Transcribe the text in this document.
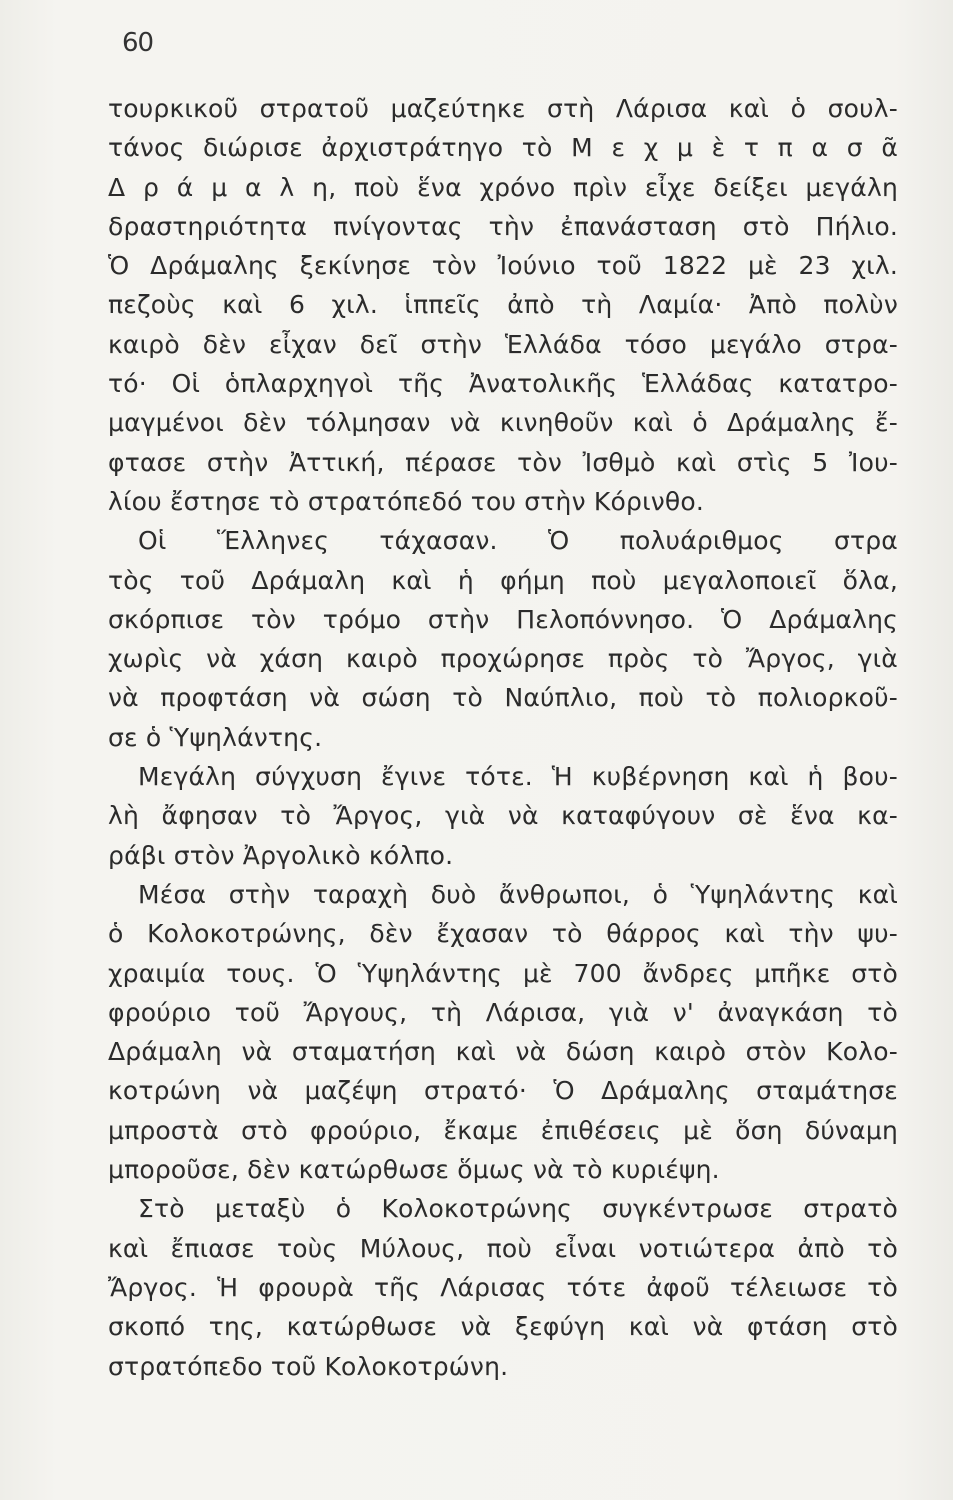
60
τουρκικοῦ στρατοῦ μαζεύτηκε στὴ Λάρισα καὶ ὁ σουλ-
τάνος διώρισε ἀρχιστράτηγο τὸ Μ ε χ μ ὲ τ π α σ ᾶ
Δ ρ ά μ α λ η, ποὺ ἕνα χρόνο πρὶν εἶχε δείξει μεγάλη
δραστηριότητα πνίγοντας τὴν ἐπανάσταση στὸ Πήλιο.
Ὁ Δράμαλης ξεκίνησε τὸν Ἰούνιο τοῦ 1822 μὲ 23 χιλ.
πεζοὺς καὶ 6 χιλ. ἱππεῖς ἀπὸ τὴ Λαμία· Ἀπὸ πολὺν
καιρὸ δὲν εἶχαν δεῖ στὴν Ἑλλάδα τόσο μεγάλο στρα-
τό· Οἱ ὁπλαρχηγοὶ τῆς Ἀνατολικῆς Ἑλλάδας κατατρο-
μαγμένοι δὲν τόλμησαν νὰ κινηθοῦν καὶ ὁ Δράμαλης ἔ-
φτασε στὴν Ἀττική, πέρασε τὸν Ἰσθμὸ καὶ στὶς 5 Ἰου-
λίου ἔστησε τὸ στρατόπεδό του στὴν Κόρινθο.
Οἱ Ἕλληνες τάχασαν. Ὁ πολυάριθμος στρα
τὸς τοῦ Δράμαλη καὶ ἡ φήμη ποὺ μεγαλοποιεῖ ὅλα,
σκόρπισε τὸν τρόμο στὴν Πελοπόννησο. Ὁ Δράμαλης
χωρὶς νὰ χάση καιρὸ προχώρησε πρὸς τὸ Ἄργος, γιὰ
νὰ προφτάση νὰ σώση τὸ Ναύπλιο, ποὺ τὸ πολιορκοῦ-
σε ὁ Ὑψηλάντης.
Μεγάλη σύγχυση ἔγινε τότε. Ἡ κυβέρνηση καὶ ἡ βου-
λὴ ἄφησαν τὸ Ἄργος, γιὰ νὰ καταφύγουν σὲ ἕνα κα-
ράβι στὸν Ἀργολικὸ κόλπο.
Μέσα στὴν ταραχὴ δυὸ ἄνθρωποι, ὁ Ὑψηλάντης καὶ
ὁ Κολοκοτρώνης, δὲν ἔχασαν τὸ θάρρος καὶ τὴν ψυ-
χραιμία τους. Ὁ Ὑψηλάντης μὲ 700 ἄνδρες μπῆκε στὸ
φρούριο τοῦ Ἄργους, τὴ Λάρισα, γιὰ ν' ἀναγκάση τὸ
Δράμαλη νὰ σταματήση καὶ νὰ δώση καιρὸ στὸν Κολο-
κοτρώνη νὰ μαζέψη στρατό· Ὁ Δράμαλης σταμάτησε
μπροστὰ στὸ φρούριο, ἔκαμε ἐπιθέσεις μὲ ὅση δύναμη
μποροῦσε, δὲν κατώρθωσε ὅμως νὰ τὸ κυριέψη.
Στὸ μεταξὺ ὁ Κολοκοτρώνης συγκέντρωσε στρατὸ
καὶ ἔπιασε τοὺς Μύλους, ποὺ εἶναι νοτιώτερα ἀπὸ τὸ
Ἄργος. Ἡ φρουρὰ τῆς Λάρισας τότε ἀφοῦ τέλειωσε τὸ
σκοπό της, κατώρθωσε νὰ ξεφύγη καὶ νὰ φτάση στὸ
στρατόπεδο τοῦ Κολοκοτρώνη.
